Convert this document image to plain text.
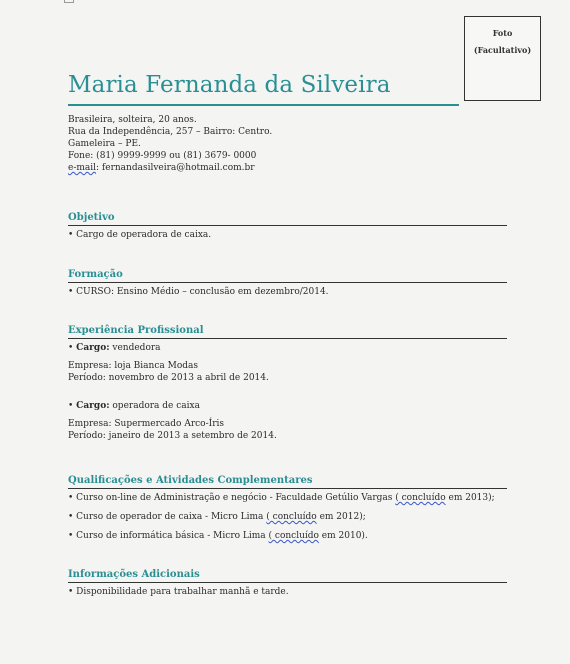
Foto
(Facultativo)
Maria Fernanda da Silveira
Brasileira, solteira, 20 anos.
Rua da Independência, 257 – Bairro: Centro.
Gameleira – PE.
Fone: (81) 9999-9999 ou (81) 3679- 0000
e-mail: fernandasilveira@hotmail.com.br
Objetivo
• Cargo de operadora de caixa.
Formação
• CURSO: Ensino Médio – conclusão em dezembro/2014.
Experiência Profissional
• Cargo: vendedora
Empresa: loja Bianca Modas
Período: novembro de 2013 a abril de 2014.
• Cargo: operadora de caixa
Empresa: Supermercado Arco-Íris
Período: janeiro de 2013 a setembro de 2014.
Qualificações e Atividades Complementares
• Curso on-line de Administração e negócio - Faculdade Getúlio Vargas ( concluído em 2013);
• Curso de operador de caixa - Micro Lima ( concluído em 2012);
• Curso de informática básica - Micro Lima ( concluído em 2010).
Informações Adicionais
• Disponibilidade para trabalhar manhã e tarde.
